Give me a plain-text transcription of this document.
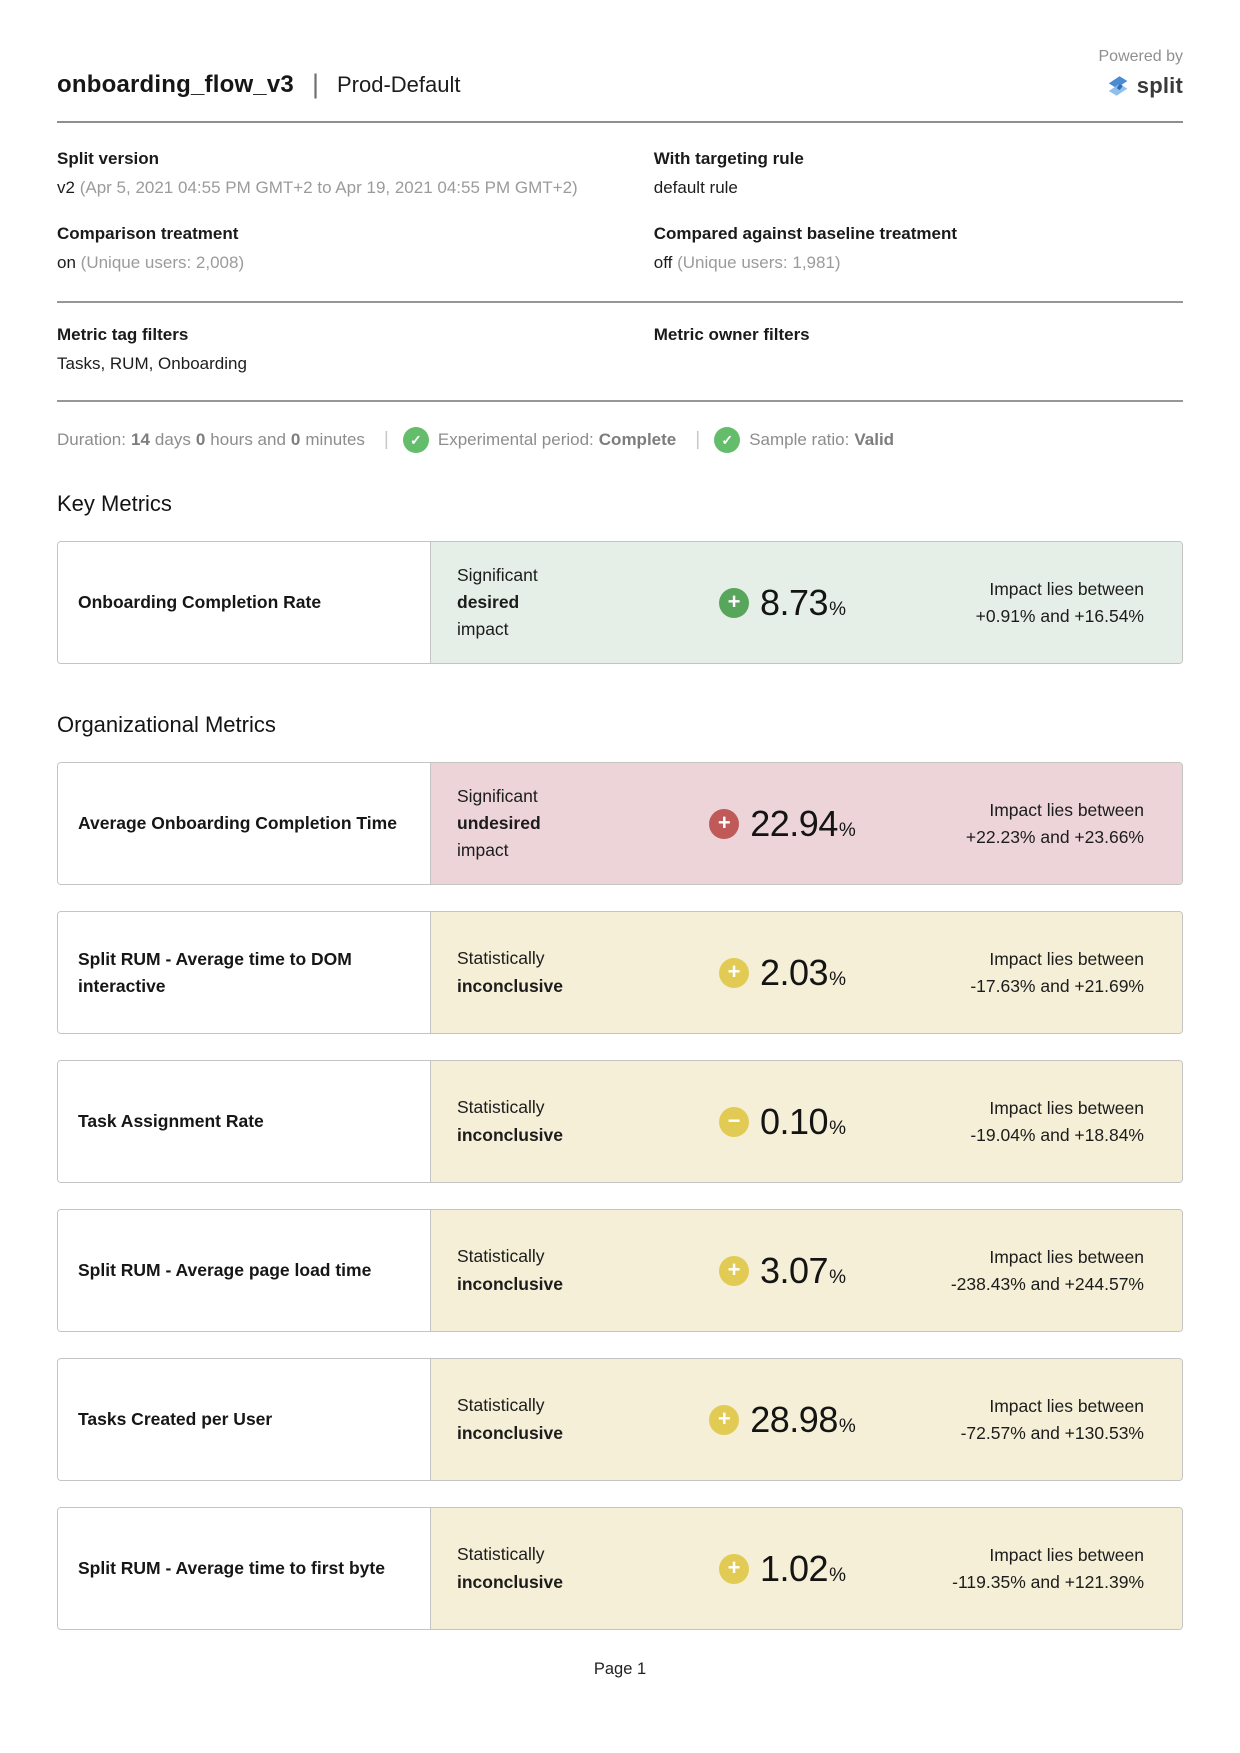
onboarding_flow_v3 | Prod-Default
Powered by
split
Split version
v2 (Apr 5, 2021 04:55 PM GMT+2 to Apr 19, 2021 04:55 PM GMT+2)
With targeting rule
default rule
Comparison treatment
on (Unique users: 2,008)
Compared against baseline treatment
off (Unique users: 1,981)
Metric tag filters
Tasks, RUM, Onboarding
Metric owner filters
Duration: 14 days 0 hours and 0 minutes |	✓ Experimental period: Complete |	✓ Sample ratio: Valid
Key Metrics
Onboarding Completion Rate
Significant
desired
impact
+ 8.73%
Impact lies between
+0.91% and +16.54%
Organizational Metrics
Average Onboarding Completion Time
Significant
undesired
impact
+ 22.94%
Impact lies between
+22.23% and +23.66%
Split RUM - Average time to DOM interactive
Statistically
inconclusive
+ 2.03%
Impact lies between
-17.63% and +21.69%
Task Assignment Rate
Statistically
inconclusive
− 0.10%
Impact lies between
-19.04% and +18.84%
Split RUM - Average page load time
Statistically
inconclusive
+ 3.07%
Impact lies between
-238.43% and +244.57%
Tasks Created per User
Statistically
inconclusive
+ 28.98%
Impact lies between
-72.57% and +130.53%
Split RUM - Average time to first byte
Statistically
inconclusive
+ 1.02%
Impact lies between
-119.35% and +121.39%
Page 1
